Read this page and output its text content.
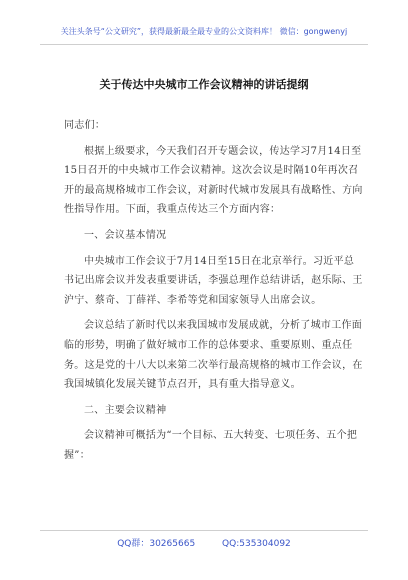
关注头条号“公文研究”，获得最新最全最专业的公文资料库！ 微信：gongwenyj
关于传达中央城市工作会议精神的讲话提纲

同志们：

根据上级要求，今天我们召开专题会议，传达学习7月14日至15日召开的中央城市工作会议精神。这次会议是时隔10年再次召开的最高规格城市工作会议，对新时代城市发展具有战略性、方向性指导作用。下面，我重点传达三个方面内容：

一、会议基本情况

中央城市工作会议于7月14日至15日在北京举行。习近平总书记出席会议并发表重要讲话，李强总理作总结讲话，赵乐际、王沪宁、蔡奇、丁薛祥、李希等党和国家领导人出席会议。

会议总结了新时代以来我国城市发展成就，分析了城市工作面临的形势，明确了做好城市工作的总体要求、重要原则、重点任务。这是党的十八大以来第二次举行最高规格的城市工作会议，在我国城镇化发展关键节点召开，具有重大指导意义。

二、主要会议精神

会议精神可概括为“一个目标、五大转变、七项任务、五个把握”：

QQ群：30265665	QQ:535304092
